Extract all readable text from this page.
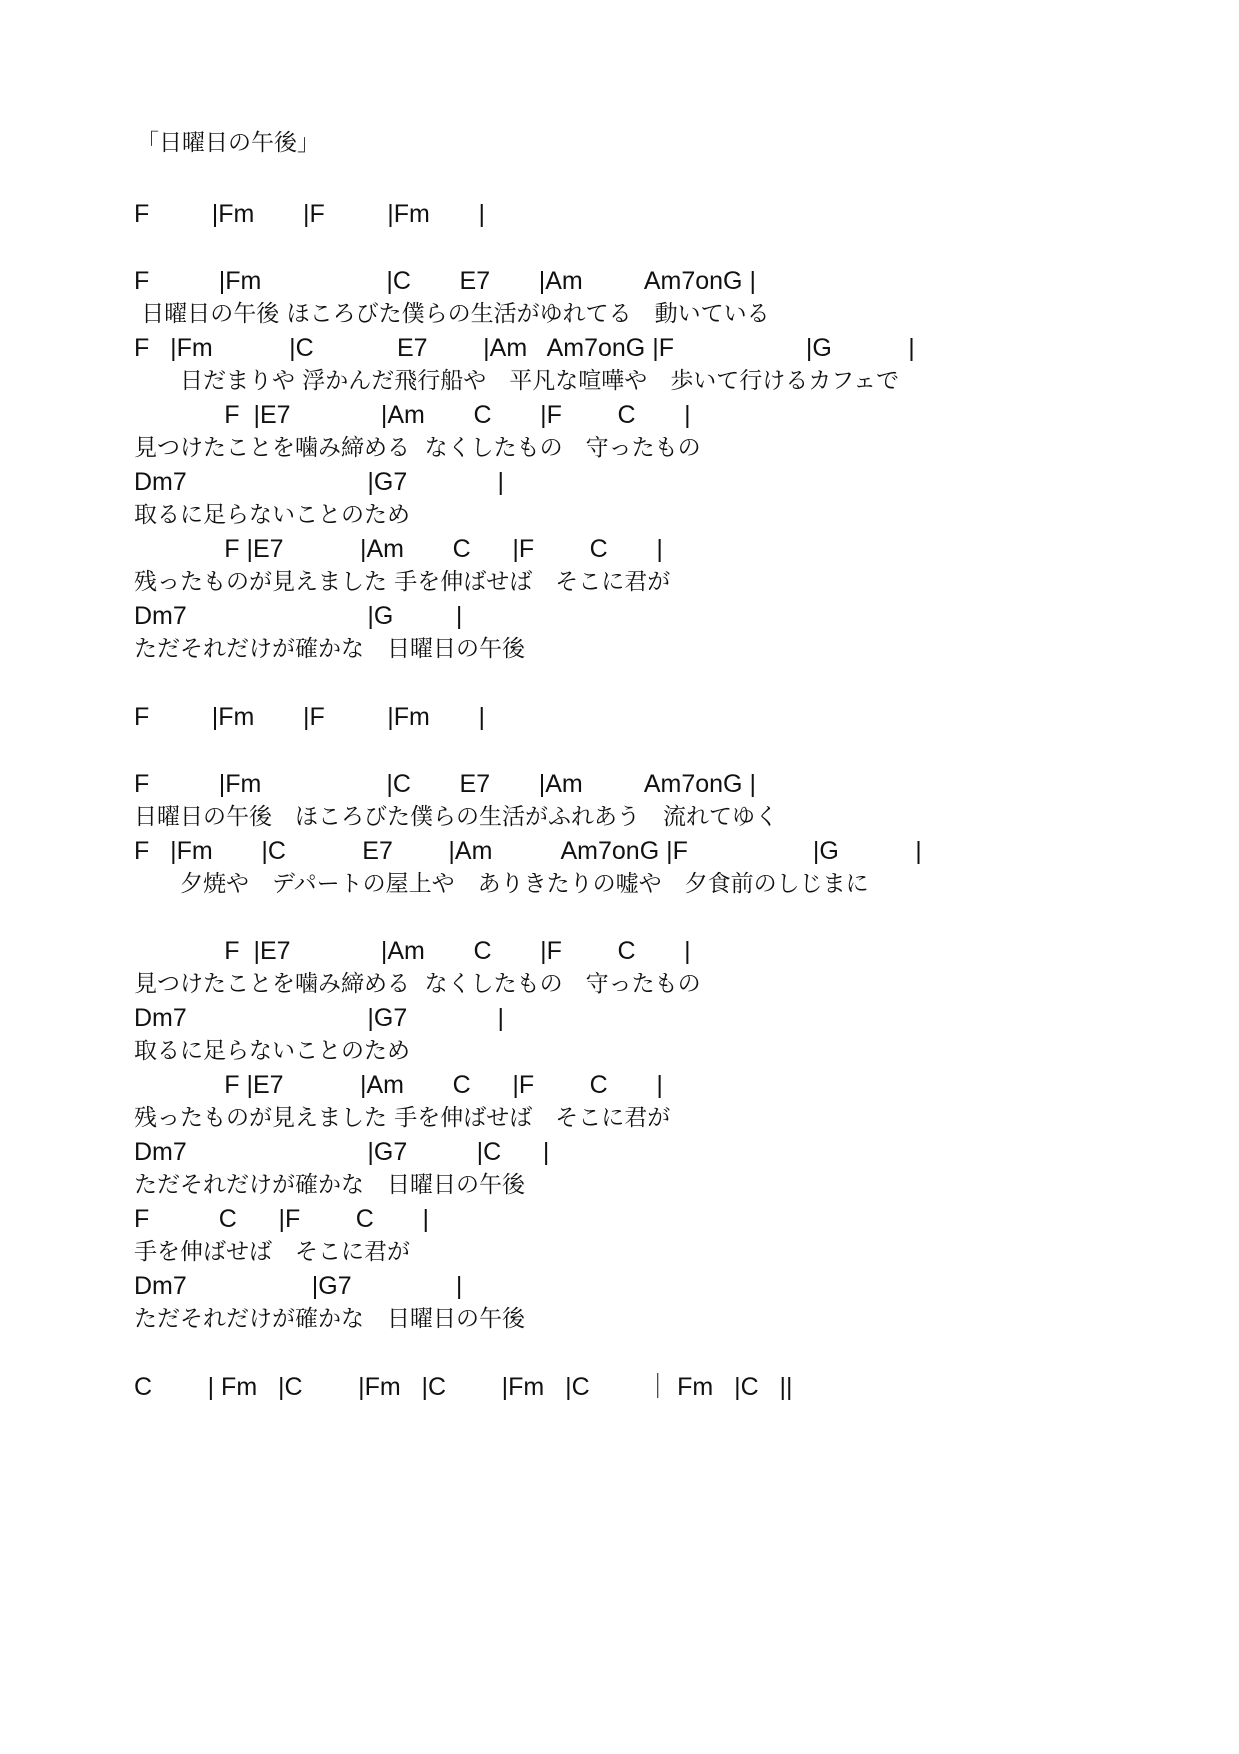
「日曜日の午後」
F         |Fm       |F         |Fm       |
F          |Fm                  |C       E7       |Am         Am7onG |
日曜日の午後 ほころびた僕らの生活がゆれてる　動いている
F   |Fm           |C            E7        |Am   Am7onG |F                   |G           |
　　日だまりや 浮かんだ飛行船や　平凡な喧嘩や　歩いて行けるカフェで
F  |E7             |Am       C       |F        C       |
見つけたことを噛み締める  なくしたもの　守ったもの
Dm7                          |G7             |
取るに足らないことのため
F |E7           |Am       C      |F        C       |
残ったものが見えました 手を伸ばせば　そこに君が
Dm7                          |G         |
ただそれだけが確かな　日曜日の午後
F         |Fm       |F         |Fm       |
F          |Fm                  |C       E7       |Am         Am7onG |
日曜日の午後　ほころびた僕らの生活がふれあう　流れてゆく
F   |Fm       |C           E7        |Am          Am7onG |F                  |G           |
　　夕焼や　デパートの屋上や　ありきたりの嘘や　夕食前のしじまに
F  |E7             |Am       C       |F        C       |
見つけたことを噛み締める  なくしたもの　守ったもの
Dm7                          |G7             |
取るに足らないことのため
F |E7           |Am       C      |F        C       |
残ったものが見えました 手を伸ばせば　そこに君が
Dm7                          |G7          |C      |
ただそれだけが確かな　日曜日の午後
F          C      |F        C       |
手を伸ばせば　そこに君が
Dm7                  |G7               |
ただそれだけが確かな　日曜日の午後
C        | Fm   |C        |Fm   |C        |Fm   |C        ｜ Fm   |C   ||
